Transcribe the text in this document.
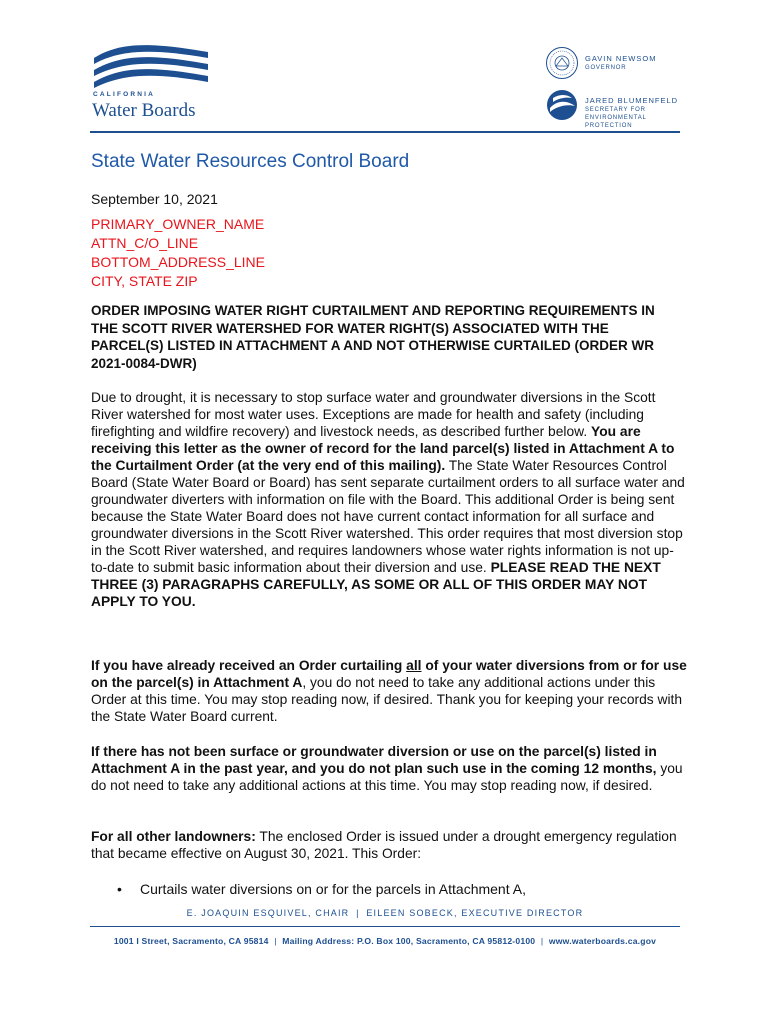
CALIFORNIA
Water Boards
GAVIN NEWSOM
GOVERNOR
JARED BLUMENFELD
SECRETARY FOR ENVIRONMENTAL PROTECTION
State Water Resources Control Board
September 10, 2021
PRIMARY_OWNER_NAME
ATTN_C/O_LINE
BOTTOM_ADDRESS_LINE
CITY, STATE ZIP
ORDER IMPOSING WATER RIGHT CURTAILMENT AND REPORTING REQUIREMENTS IN THE SCOTT RIVER WATERSHED FOR WATER RIGHT(S) ASSOCIATED WITH THE PARCEL(S) LISTED IN ATTACHMENT A AND NOT OTHERWISE CURTAILED (ORDER WR 2021-0084-DWR)
Due to drought, it is necessary to stop surface water and groundwater diversions in the Scott River watershed for most water uses. Exceptions are made for health and safety (including firefighting and wildfire recovery) and livestock needs, as described further below. You are receiving this letter as the owner of record for the land parcel(s) listed in Attachment A to the Curtailment Order (at the very end of this mailing). The State Water Resources Control Board (State Water Board or Board) has sent separate curtailment orders to all surface water and groundwater diverters with information on file with the Board. This additional Order is being sent because the State Water Board does not have current contact information for all surface and groundwater diversions in the Scott River watershed. This order requires that most diversion stop in the Scott River watershed, and requires landowners whose water rights information is not up-to-date to submit basic information about their diversion and use. PLEASE READ THE NEXT THREE (3) PARAGRAPHS CAREFULLY, AS SOME OR ALL OF THIS ORDER MAY NOT APPLY TO YOU.
If you have already received an Order curtailing all of your water diversions from or for use on the parcel(s) in Attachment A, you do not need to take any additional actions under this Order at this time. You may stop reading now, if desired. Thank you for keeping your records with the State Water Board current.
If there has not been surface or groundwater diversion or use on the parcel(s) listed in Attachment A in the past year, and you do not plan such use in the coming 12 months, you do not need to take any additional actions at this time. You may stop reading now, if desired.
For all other landowners: The enclosed Order is issued under a drought emergency regulation that became effective on August 30, 2021. This Order:
• Curtails water diversions on or for the parcels in Attachment A,
E. JOAQUIN ESQUIVEL, CHAIR | EILEEN SOBECK, EXECUTIVE DIRECTOR
1001 I Street, Sacramento, CA 95814 | Mailing Address: P.O. Box 100, Sacramento, CA 95812-0100 | www.waterboards.ca.gov
